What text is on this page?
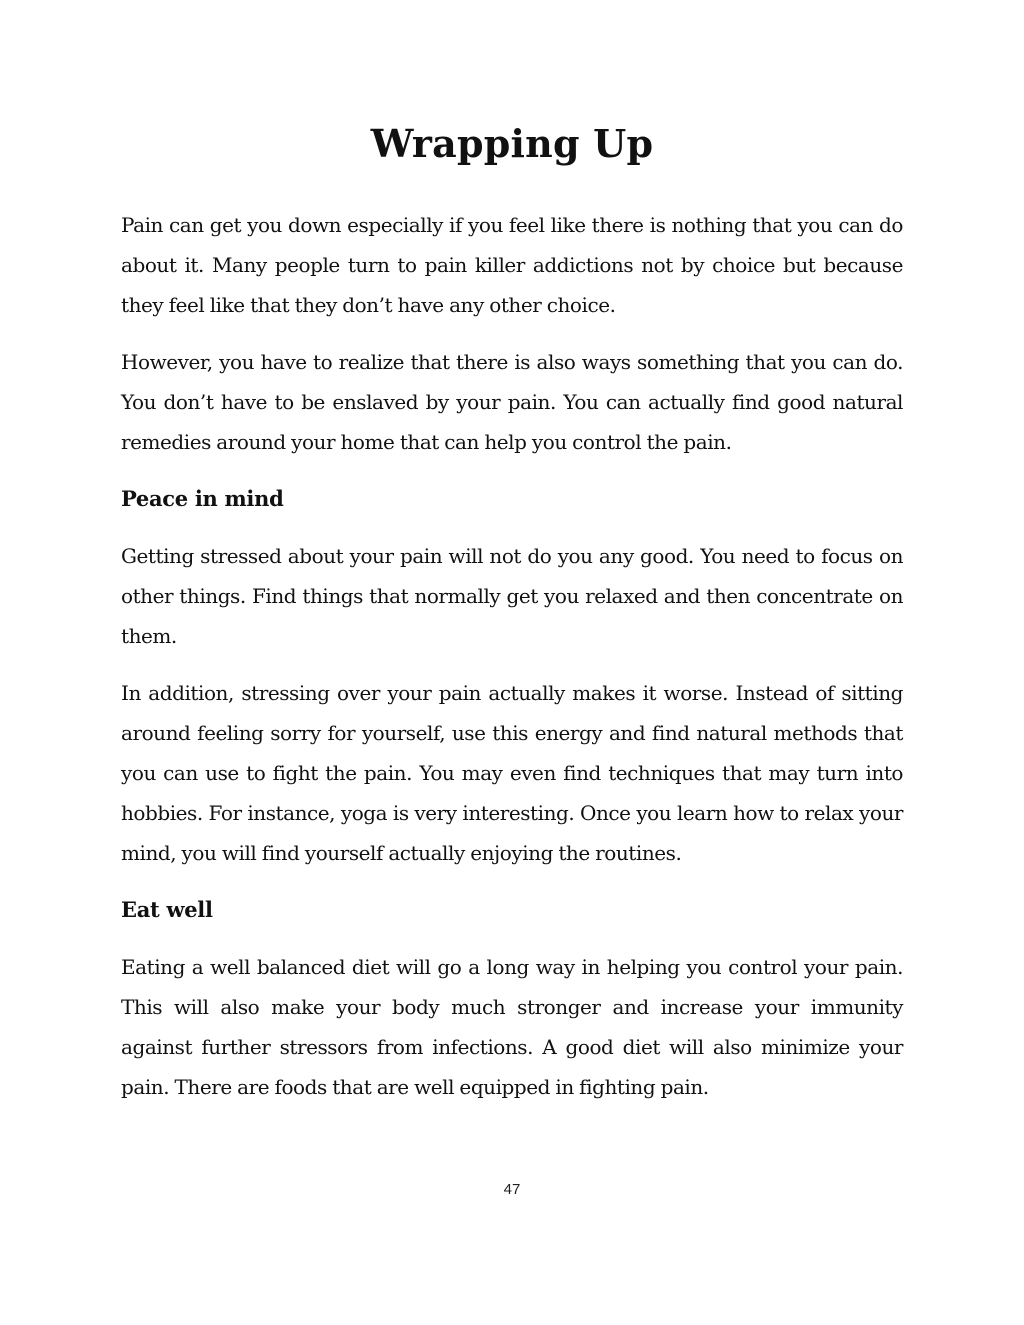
Wrapping Up

Pain can get you down especially if you feel like there is nothing that you can do about it. Many people turn to pain killer addictions not by choice but because they feel like that they don’t have any other choice.

However, you have to realize that there is also ways something that you can do. You don’t have to be enslaved by your pain. You can actually find good natural remedies around your home that can help you control the pain.

Peace in mind

Getting stressed about your pain will not do you any good. You need to focus on other things. Find things that normally get you relaxed and then concentrate on them.

In addition, stressing over your pain actually makes it worse. Instead of sitting around feeling sorry for yourself, use this energy and find natural methods that you can use to fight the pain. You may even find techniques that may turn into hobbies. For instance, yoga is very interesting. Once you learn how to relax your mind, you will find yourself actually enjoying the routines.

Eat well

Eating a well balanced diet will go a long way in helping you control your pain. This will also make your body much stronger and increase your immunity against further stressors from infections. A good diet will also minimize your pain. There are foods that are well equipped in fighting pain.

47
